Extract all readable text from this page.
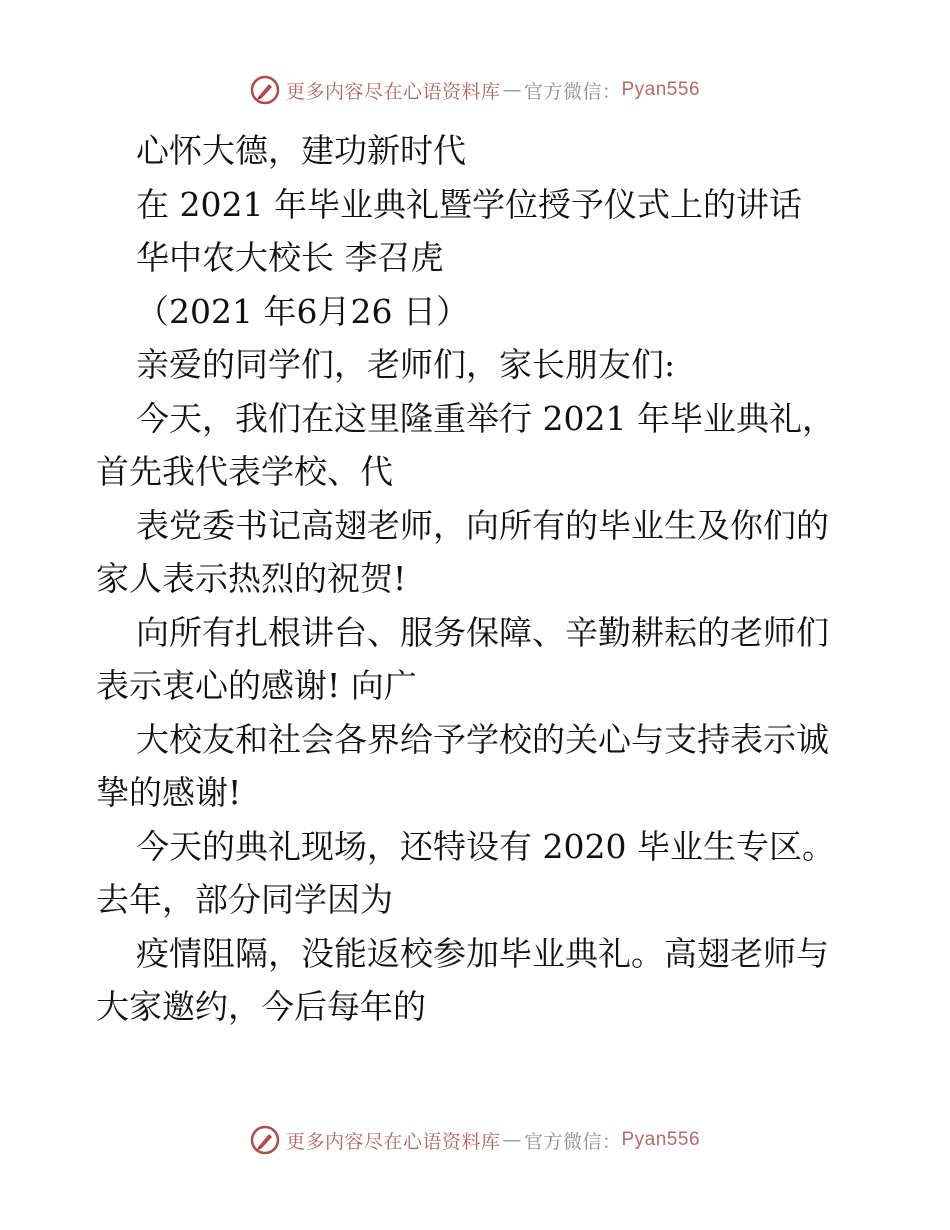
更多内容尽在心语资料库 — 官方微信： Pyan556
心怀大德，建功新时代
在 2021 年毕业典礼暨学位授予仪式上的讲话
华中农大校长 李召虎
（2021 年6月26 日）
亲爱的同学们，老师们，家长朋友们:
今天，我们在这里隆重举行 2021 年毕业典礼，
首先我代表学校、代
表党委书记高翅老师，向所有的毕业生及你们的
家人表示热烈的祝贺!
向所有扎根讲台、服务保障、辛勤耕耘的老师们
表示衷心的感谢! 向广
大校友和社会各界给予学校的关心与支持表示诚
挚的感谢!
今天的典礼现场，还特设有 2020 毕业生专区。
去年，部分同学因为
疫情阻隔，没能返校参加毕业典礼。高翅老师与
大家邀约，今后每年的
更多内容尽在心语资料库 — 官方微信： Pyan556
